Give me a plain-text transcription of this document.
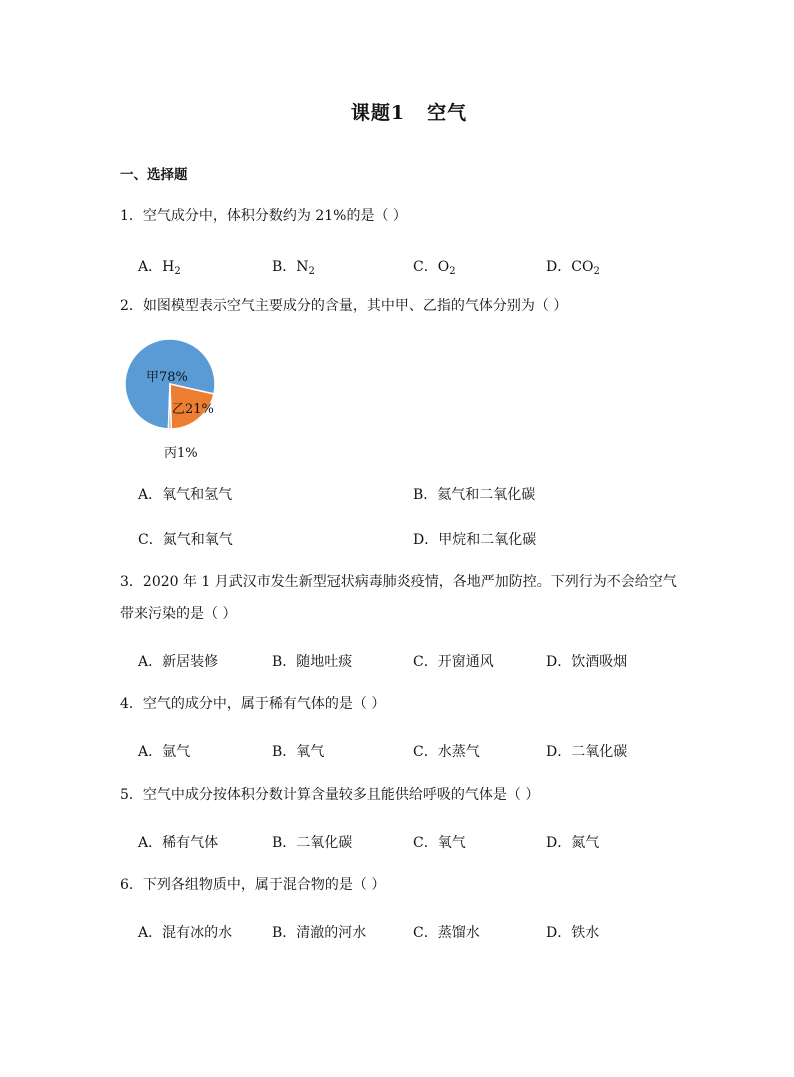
课题1 空气
一、选择题
1．空气成分中，体积分数约为 21%的是（ ）
A．$H_2$	B．$N_2$	C．$O_2$	D．$CO_2$
2．如图模型表示空气主要成分的含量，其中甲、乙指的气体分别为（ ）
甲78%
乙21%
丙1%
A．氧气和氢气	B．氦气和二氧化碳
C．氮气和氧气	D．甲烷和二氧化碳
3．2020 年 1 月武汉市发生新型冠状病毒肺炎疫情，各地严加防控。下列行为不会给空气带来污染的是（ ）
A．新居装修	B．随地吐痰	C．开窗通风	D．饮酒吸烟
4．空气的成分中，属于稀有气体的是（ ）
A．氩气	B．氧气	C．水蒸气	D．二氧化碳
5．空气中成分按体积分数计算含量较多且能供给呼吸的气体是（ ）
A．稀有气体	B．二氧化碳	C．氧气	D．氮气
6．下列各组物质中，属于混合物的是（ ）
A．混有冰的水	B．清澈的河水	C．蒸馏水	D．铁水
